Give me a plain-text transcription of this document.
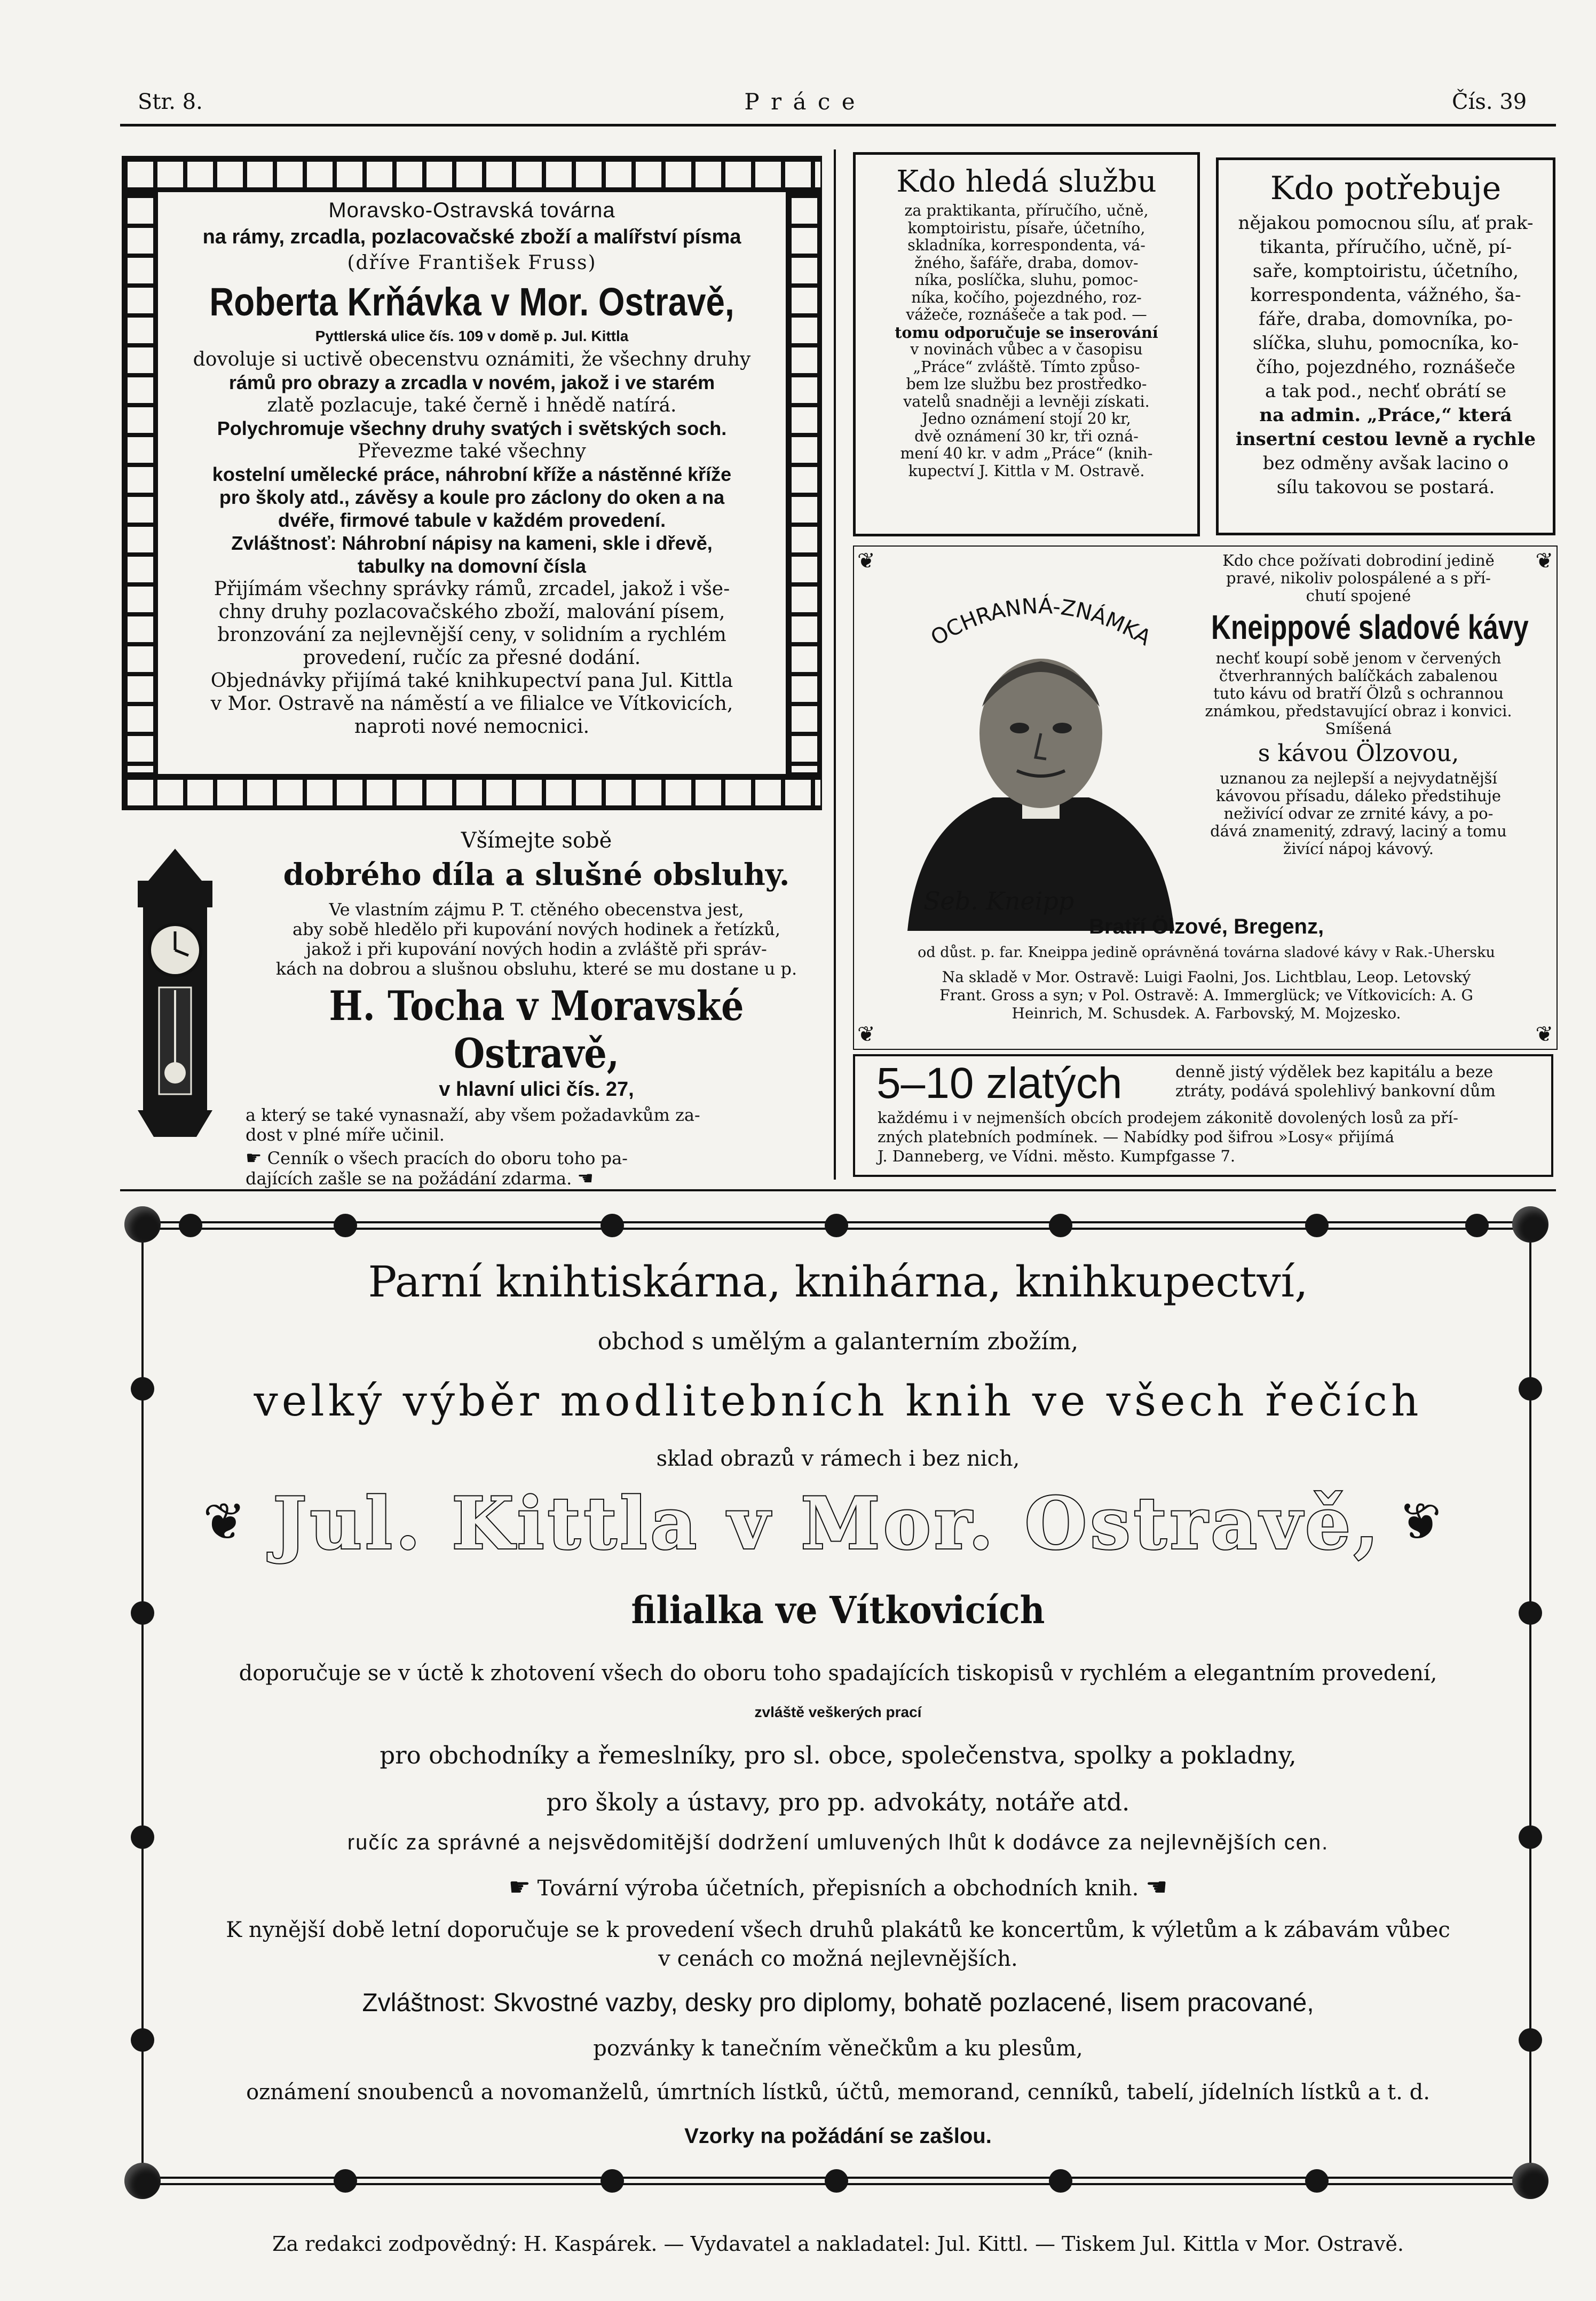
Str. 8.	P r á c e	Čís. 39
Moravsko-Ostravská továrna
na rámy, zrcadla, pozlacovačské zboží a malířství písma
(dříve František Fruss)
Roberta Krňávka v Mor. Ostravě,
Pyttlerská ulice čís. 109 v domě p. Jul. Kittla
dovoluje si uctivě obecenstvu oznámiti, že všechny druhy
rámů pro obrazy a zrcadla v novém, jakož i ve starém
zlatě pozlacuje, také černě i hnědě natírá.
Polychromuje všechny druhy svatých i světských soch.
Převezme také všechny
kostelní umělecké práce, náhrobní kříže a nástěnné kříže
pro školy atd., závěsy a koule pro záclony do oken a na
dvéře, firmové tabule v každém provedení.
Zvláštnosť: Náhrobní nápisy na kameni, skle i dřevě,
tabulky na domovní čísla
Přijímám všechny správky rámů, zrcadel, jakož i vše-
chny druhy pozlacovačského zboží, malování písem,
bronzování za nejlevnější ceny, v solidním a rychlém
provedení, ručíc za přesné dodání.
Objednávky přijímá také knihkupectví pana Jul. Kittla
v Mor. Ostravě na náměstí a ve filialce ve Vítkovicích,
naproti nové nemocnici.
Kdo hledá službu
za praktikanta, příručího, učně,
komptoiristu, písaře, účetního,
skladníka, korrespondenta, vá-
žného, šafáře, draba, domov-
níka, poslíčka, sluhu, pomoc-
níka, kočího, pojezdného, roz-
vážeče, roznášeče a tak pod. —
tomu odporučuje se inserování
v novinách vůbec a v časopisu
„Práce“ zvláště. Tímto způso-
bem lze službu bez prostředko-
vatelů snadněji a levněji získati.
Jedno oznámení stojí 20 kr,
dvě oznámení 30 kr, tři ozná-
mení 40 kr. v adm „Práce“ (knih-
kupectví J. Kittla v M. Ostravě.
Kdo potřebuje
nějakou pomocnou sílu, ať prak-
tikanta, příručího, učně, pí-
saře, komptoiristu, účetního,
korrespondenta, vážného, ša-
fáře, draba, domovníka, po-
slíčka, sluhu, pomocníka, ko-
čího, pojezdného, roznášeče
a tak pod., nechť obrátí se
na admin. „Práce,“ která
insertní cestou levně a rychle
bez odměny avšak lacino o
sílu takovou se postará.
❦	❦
❦	❦
OCHRANNÁ-ZNÁMKA
Seb. Kneipp
Kdo chce požívati dobrodiní jedině
pravé, nikoliv polospálené a s pří-
chutí spojené
Kneippové sladové kávy
nechť koupí sobě jenom v červených
čtverhranných balíčkách zabalenou
tuto kávu od bratří Ölzů s ochrannou
známkou, představující obraz i konvici.
Smíšená
s kávou Ölzovou,
uznanou za nejlepší a nejvydatnější
kávovou přísadu, dáleko předstihuje
neživící odvar ze zrnité kávy, a po-
dává znamenitý, zdravý, laciný a tomu
živící nápoj kávový.
Bratří Ölzové, Bregenz,
od důst. p. far. Kneippa jedině oprávněná továrna sladové kávy v Rak.-Uhersku
Na skladě v Mor. Ostravě: Luigi Faolni, Jos. Lichtblau, Leop. Letovský
Frant. Gross a syn; v Pol. Ostravě: A. Immerglück; ve Vítkovicích: A. G
Heinrich, M. Schusdek. A. Farbovský, M. Mojzesko.
Všímejte sobě
dobrého díla a slušné obsluhy.
Ve vlastním zájmu P. T. ctěného obecenstva jest,
aby sobě hledělo při kupování nových hodinek a řetízků,
jakož i při kupování nových hodin a zvláště při správ-
kách na dobrou a slušnou obsluhu, které se mu dostane u p.
H. Tocha v Moravské Ostravě,
v hlavní ulici čís. 27,
a který se také vynasnaží, aby všem požadavkům za-
dost v plné míře učinil.
☛ Cenník o všech pracích do oboru toho pa-
dajících zašle se na požádání zdarma. ☚
5–10 zlatých	denně jistý výdělek bez kapitálu a beze
ztráty, podává spolehlivý bankovní dům
každému i v nejmenších obcích prodejem zákonitě dovolených losů za pří-
zných platebních podmínek. — Nabídky pod šifrou »Losy« přijímá
J. Danneberg, ve Vídni. město. Kumpfgasse 7.
Parní knihtiskárna, knihárna, knihkupectví,
obchod s umělým a galanterním zbožím,
velký výběr modlitebních knih ve všech řečích
sklad obrazů v rámech i bez nich,
❦	❦
Jul. Kittla v Mor. Ostravě,
filialka ve Vítkovicích
doporučuje se v úctě k zhotovení všech do oboru toho spadajících tiskopisů v rychlém a elegantním provedení,
zvláště veškerých prací
pro obchodníky a řemeslníky, pro sl. obce, společenstva, spolky a pokladny,
pro školy a ústavy, pro pp. advokáty, notáře atd.
ručíc za správné a nejsvědomitější dodržení umluvených lhůt k dodávce za nejlevnějších cen.
☛ Tovární výroba účetních, přepisních a obchodních knih. ☚
K nynější době letní doporučuje se k provedení všech druhů plakátů ke koncertům, k výletům a k zábavám vůbec
v cenách co možná nejlevnějších.
Zvláštnost: Skvostné vazby, desky pro diplomy, bohatě pozlacené, lisem pracované,
pozvánky k tanečním věnečkům a ku plesům,
oznámení snoubenců a novomanželů, úmrtních lístků, účtů, memorand, cenníků, tabelí, jídelních lístků a t. d.
Vzorky na požádání se zašlou.
Za redakci zodpovědný: H. Kaspárek. — Vydavatel a nakladatel: Jul. Kittl. — Tiskem Jul. Kittla v Mor. Ostravě.
